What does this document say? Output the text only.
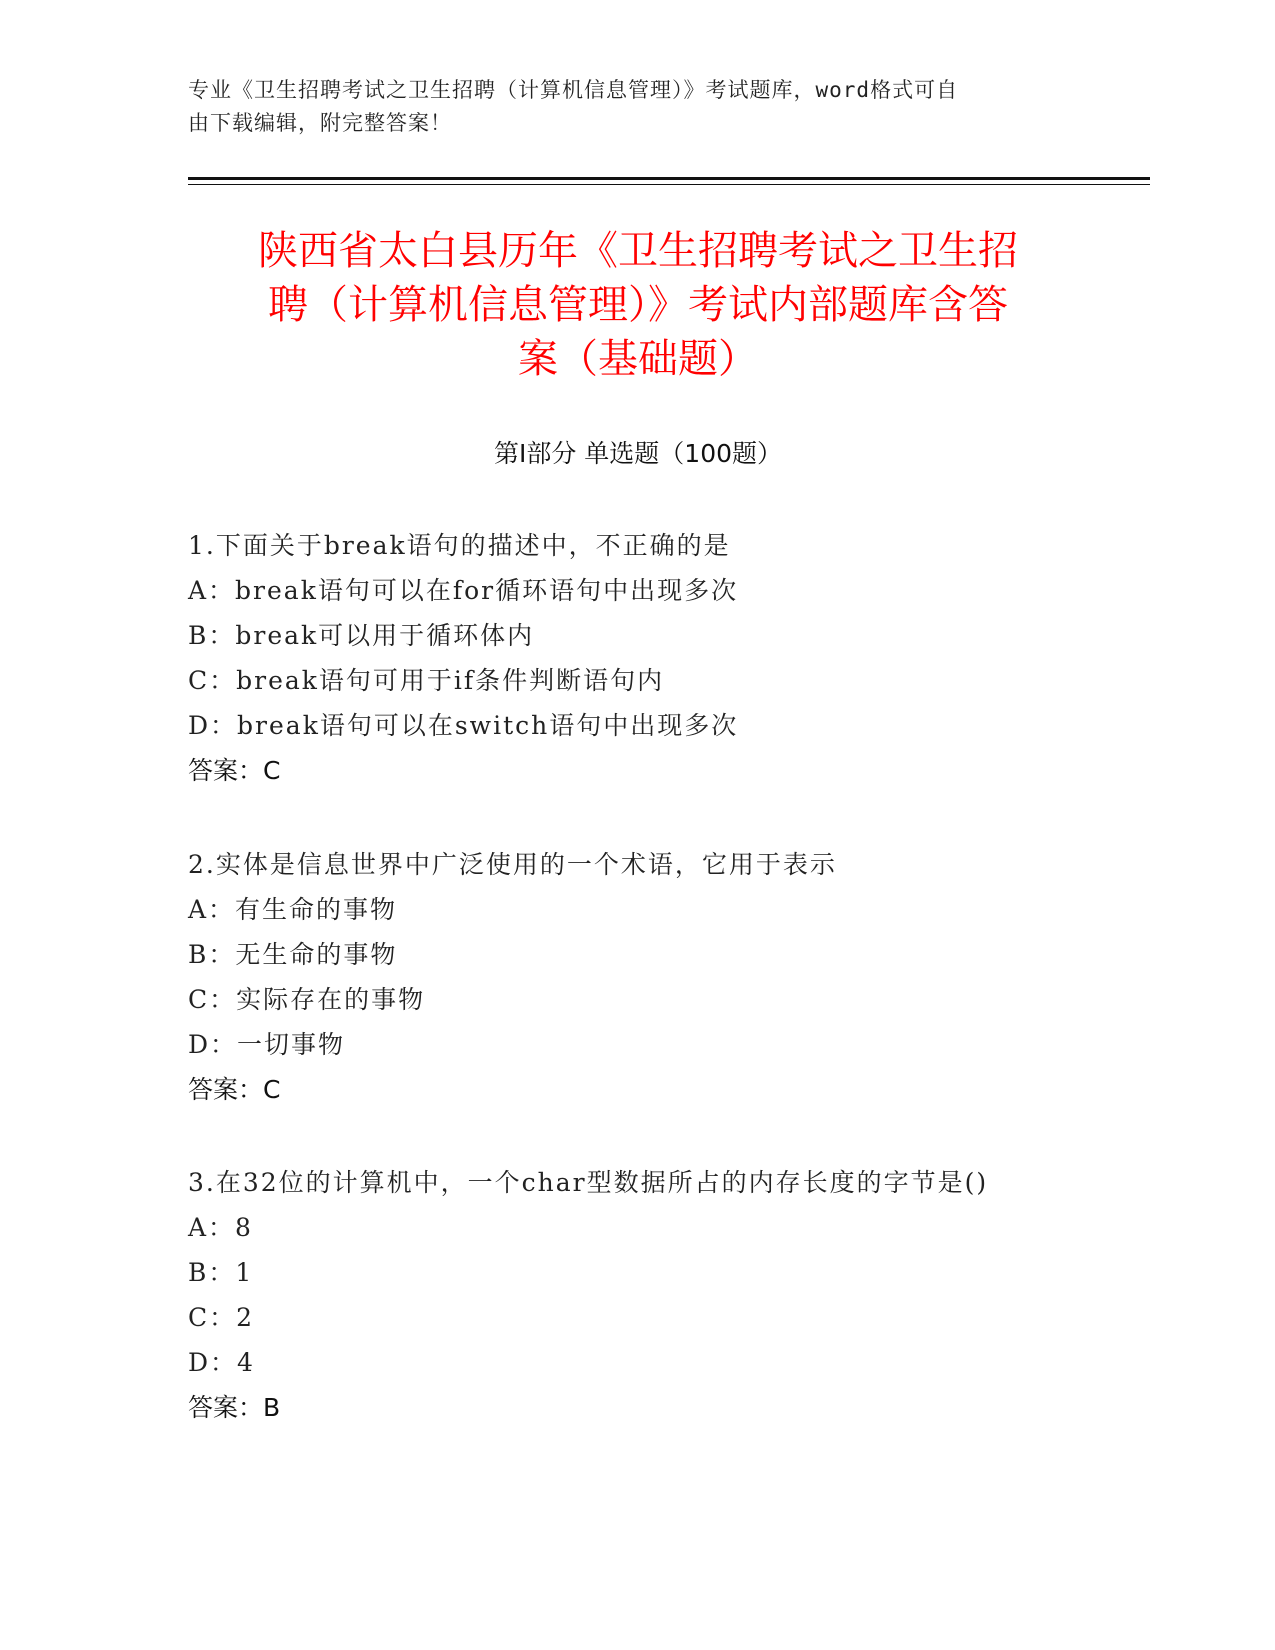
专业《卫生招聘考试之卫生招聘（计算机信息管理）》考试题库，word格式可自
由下载编辑，附完整答案！
陕西省太白县历年《卫生招聘考试之卫生招
聘（计算机信息管理）》考试内部题库含答
案（基础题）
第Ⅰ部分 单选题（100题）
1.下面关于break语句的描述中，不正确的是
A：break语句可以在for循环语句中出现多次
B：break可以用于循环体内
C：break语句可用于if条件判断语句内
D：break语句可以在switch语句中出现多次
答案：C
2.实体是信息世界中广泛使用的一个术语，它用于表示
A：有生命的事物
B：无生命的事物
C：实际存在的事物
D：一切事物
答案：C
3.在32位的计算机中，一个char型数据所占的内存长度的字节是()
A：8
B：1
C：2
D：4
答案：B
